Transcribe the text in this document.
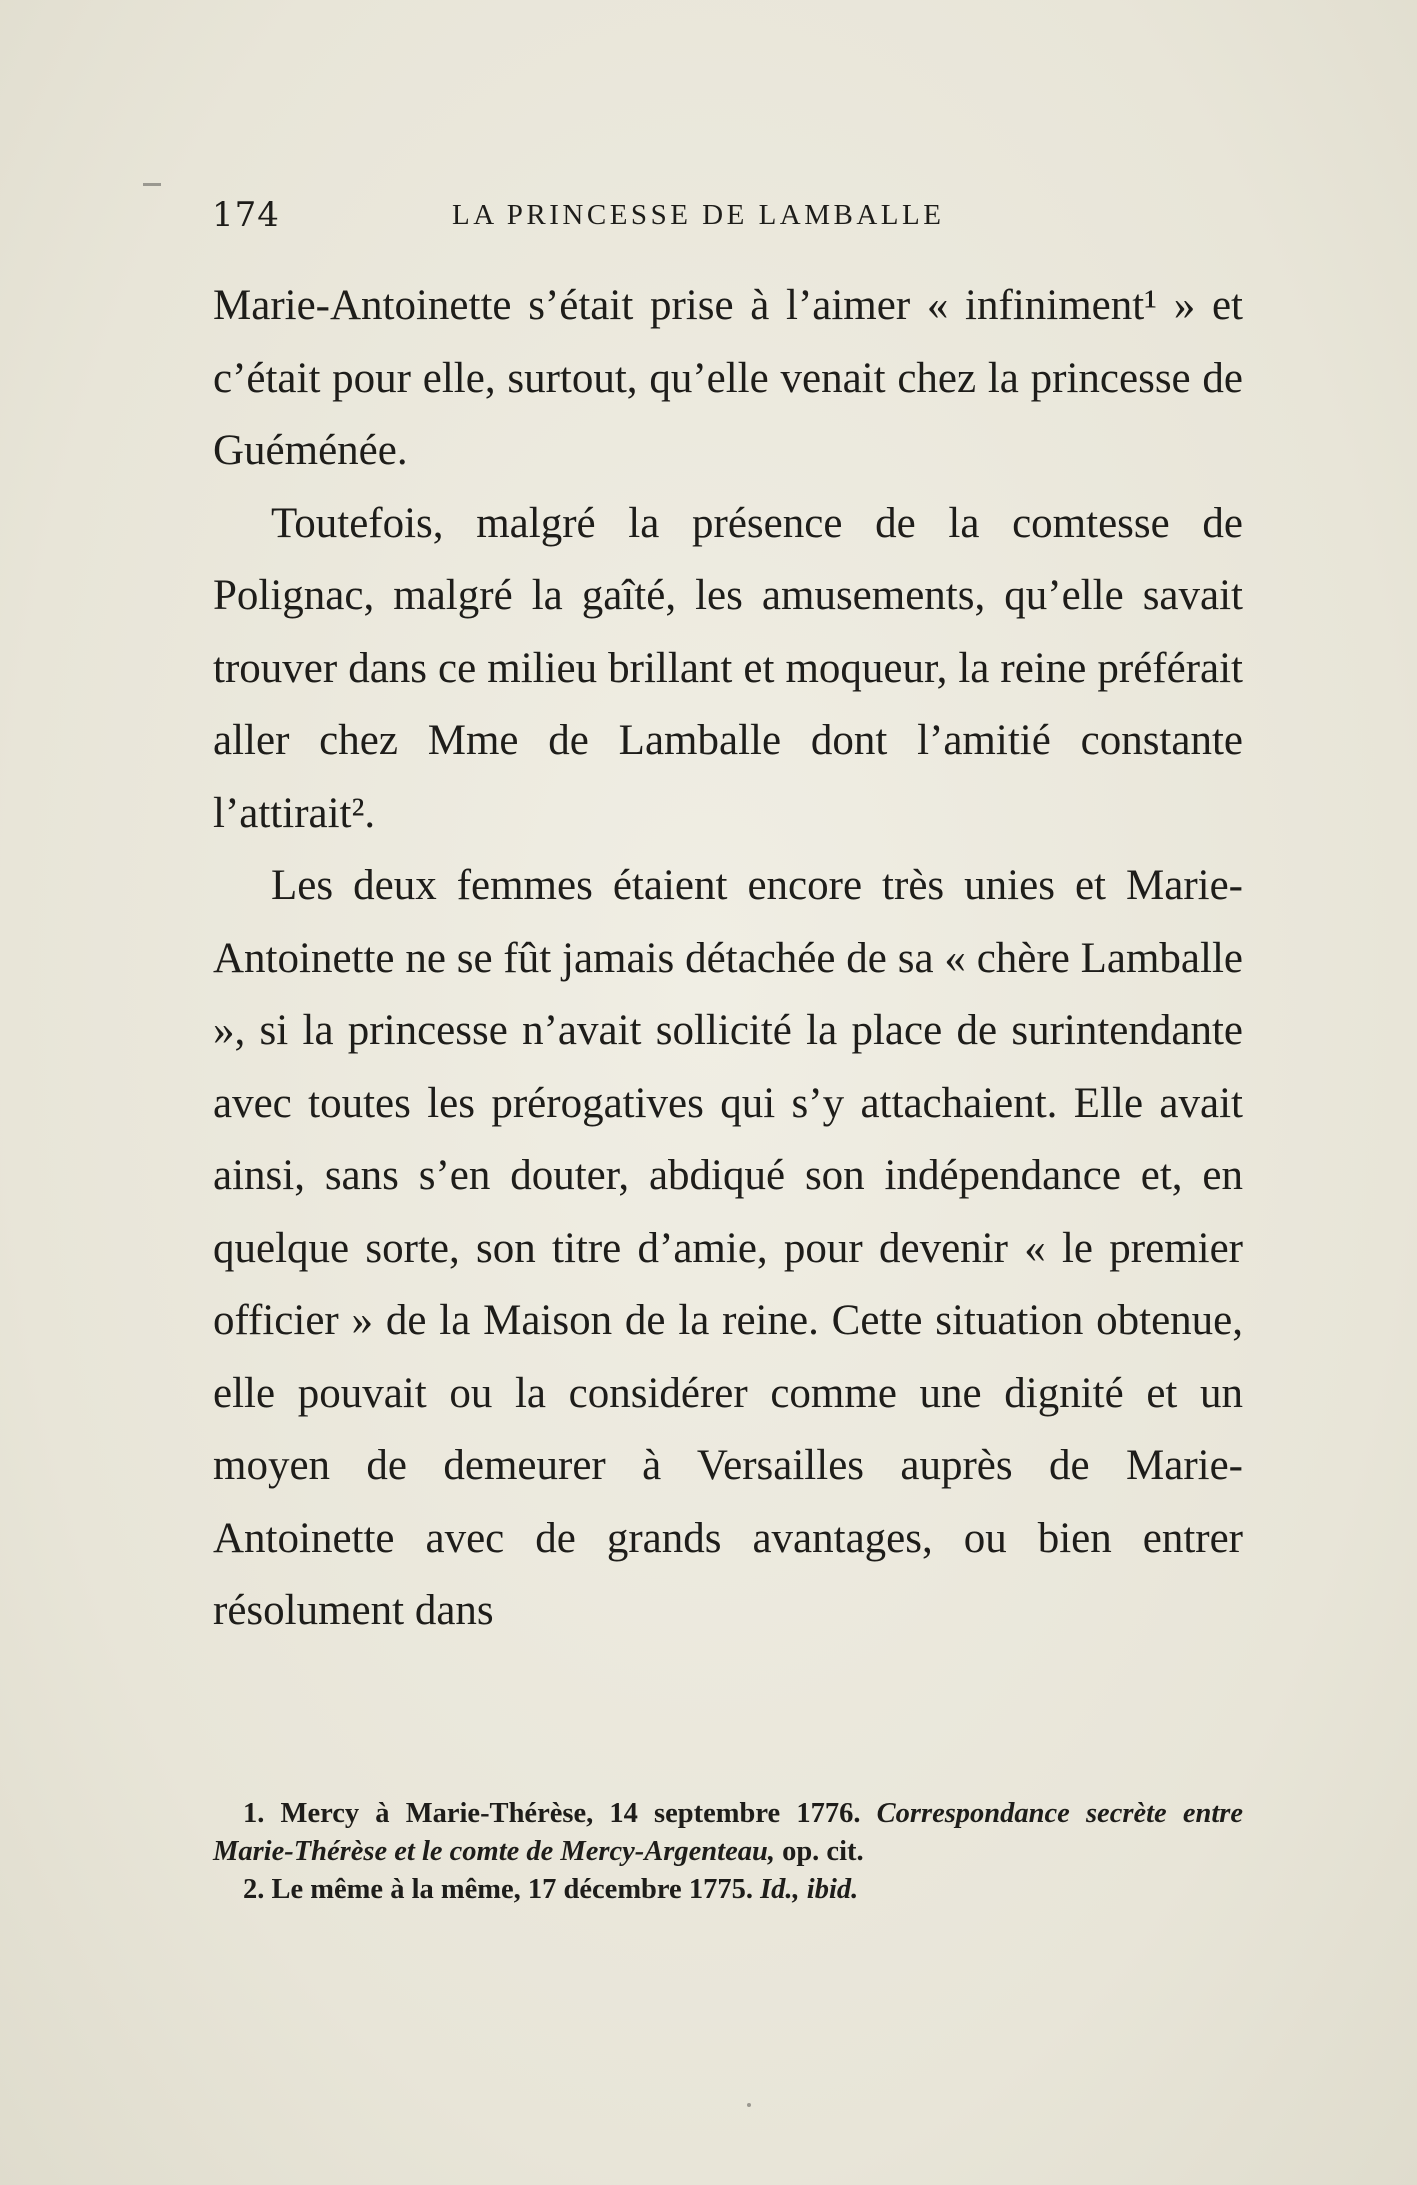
174	LA PRINCESSE DE LAMBALLE

Marie-Antoinette s’était prise à l’aimer « infiniment¹ » et c’était pour elle, surtout, qu’elle venait chez la princesse de Guéménée.

Toutefois, malgré la présence de la comtesse de Polignac, malgré la gaîté, les amusements, qu’elle savait trouver dans ce milieu brillant et moqueur, la reine préférait aller chez Mme de Lamballe dont l’amitié constante l’attirait².

Les deux femmes étaient encore très unies et Marie-Antoinette ne se fût jamais détachée de sa « chère Lamballe », si la princesse n’avait sollicité la place de surintendante avec toutes les prérogatives qui s’y attachaient. Elle avait ainsi, sans s’en douter, abdiqué son indépendance et, en quelque sorte, son titre d’amie, pour devenir « le premier officier » de la Maison de la reine. Cette situation obtenue, elle pouvait ou la considérer comme une dignité et un moyen de demeurer à Versailles auprès de Marie-Antoinette avec de grands avantages, ou bien entrer résolument dans

1. Mercy à Marie-Thérèse, 14 septembre 1776. Correspondance secrète entre Marie-Thérèse et le comte de Mercy-Argenteau, op. cit.

2. Le même à la même, 17 décembre 1775. Id., ibid.
